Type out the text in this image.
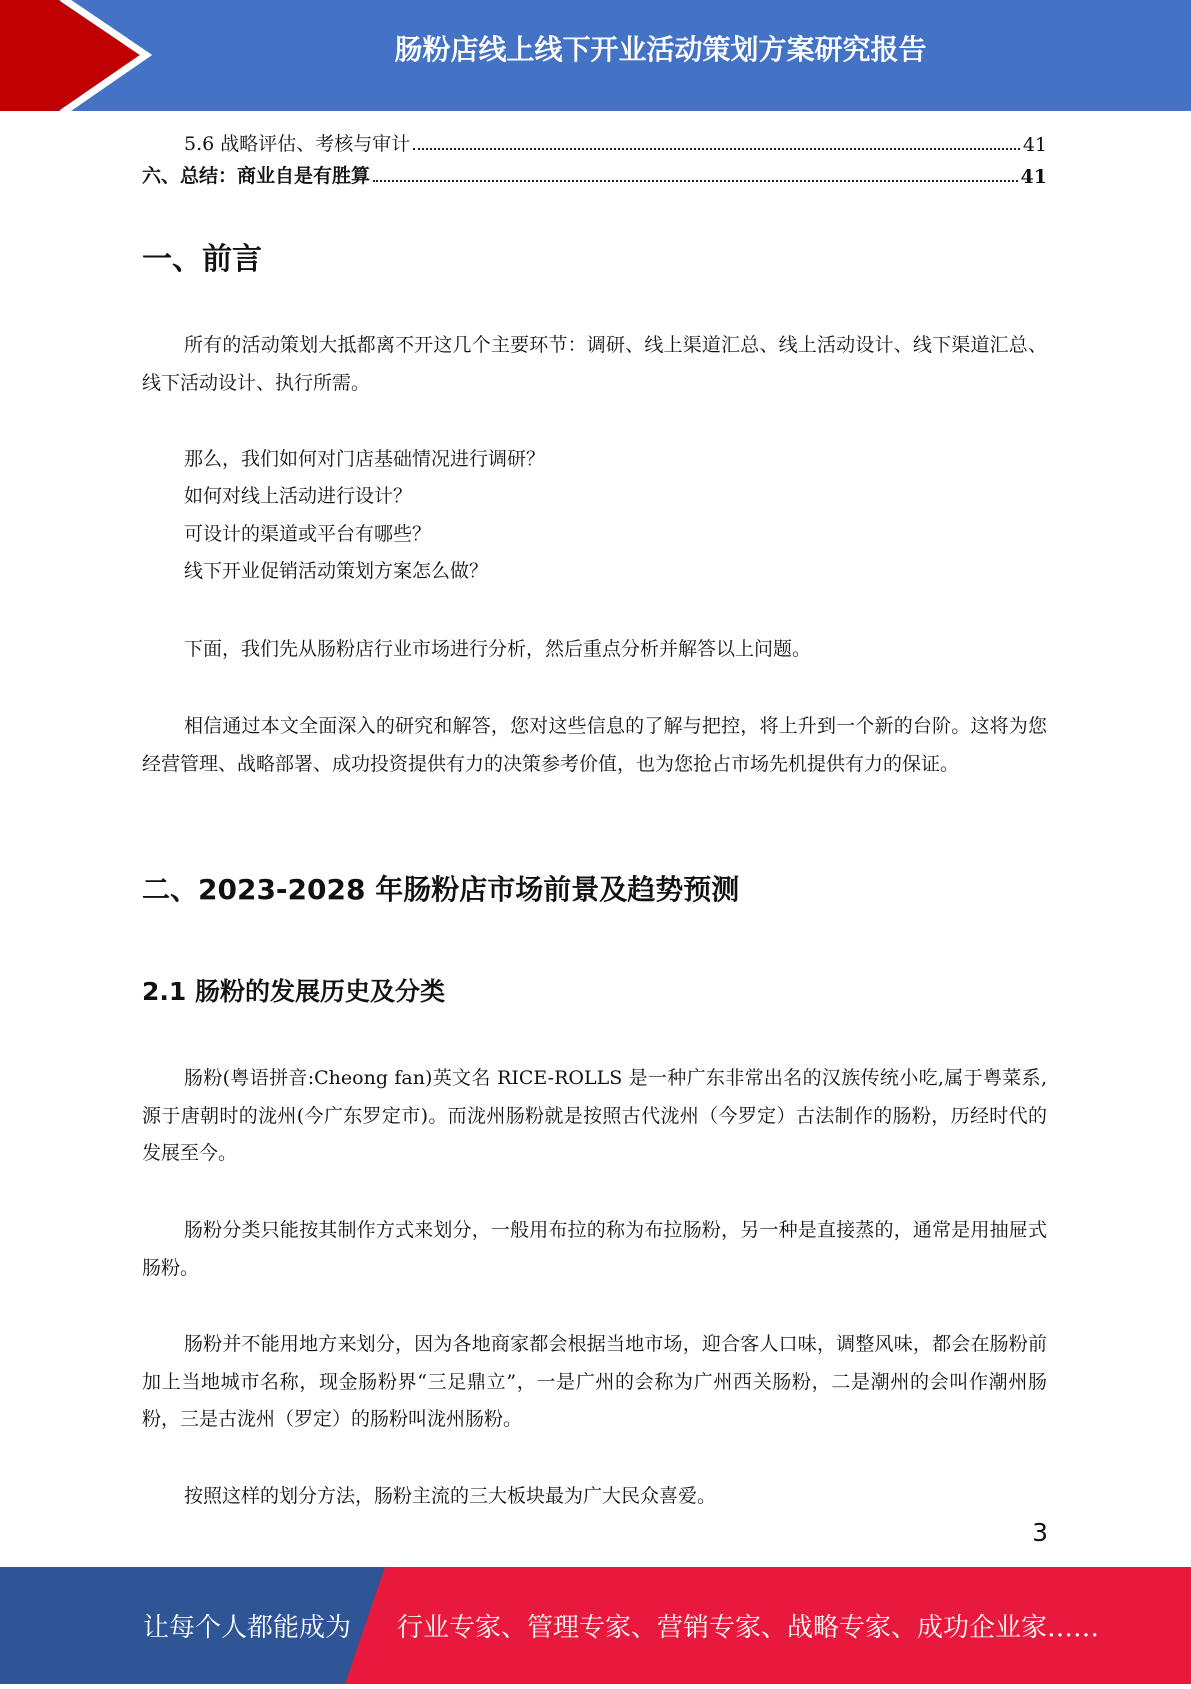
肠粉店线上线下开业活动策划方案研究报告
5.6 战略评估、考核与审计	41
六、总结：商业自是有胜算	41
一、前言

所有的活动策划大抵都离不开这几个主要环节：调研、线上渠道汇总、线上活动设计、线下渠道汇总、线下活动设计、执行所需。

那么，我们如何对门店基础情况进行调研？

如何对线上活动进行设计？

可设计的渠道或平台有哪些？

线下开业促销活动策划方案怎么做？

下面，我们先从肠粉店行业市场进行分析，然后重点分析并解答以上问题。

相信通过本文全面深入的研究和解答，您对这些信息的了解与把控，将上升到一个新的台阶。这将为您经营管理、战略部署、成功投资提供有力的决策参考价值，也为您抢占市场先机提供有力的保证。

二、2023-2028 年肠粉店市场前景及趋势预测
2.1 肠粉的发展历史及分类

肠粉(粤语拼音:Cheong fan)英文名 RICE-ROLLS 是一种广东非常出名的汉族传统小吃,属于粤菜系,源于唐朝时的泷州(今广东罗定市)。而泷州肠粉就是按照古代泷州（今罗定）古法制作的肠粉，历经时代的发展至今。

肠粉分类只能按其制作方式来划分，一般用布拉的称为布拉肠粉，另一种是直接蒸的，通常是用抽屉式肠粉。

肠粉并不能用地方来划分，因为各地商家都会根据当地市场，迎合客人口味，调整风味，都会在肠粉前加上当地城市名称，现金肠粉界“三足鼎立”，一是广州的会称为广州西关肠粉，二是潮州的会叫作潮州肠粉，三是古泷州（罗定）的肠粉叫泷州肠粉。

按照这样的划分方法，肠粉主流的三大板块最为广大民众喜爱。

3
让每个人都能成为 行业专家、管理专家、营销专家、战略专家、成功企业家……
